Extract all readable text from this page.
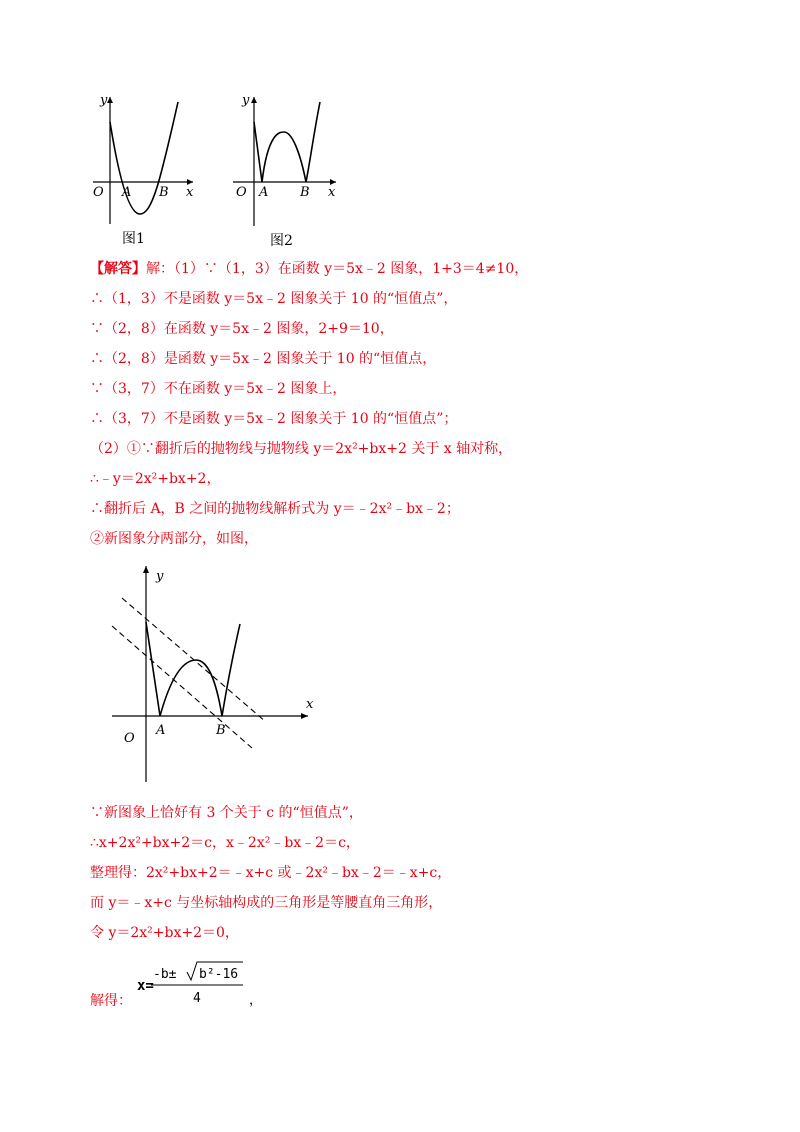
y
x
O A B
图1
y
x
O A B
图2
【解答】解：（1）∵（1，3）在函数 y＝5x﹣2 图象，1+3＝4≠10，
∴（1，3）不是函数 y＝5x﹣2 图象关于 10 的“恒值点”，
∵（2，8）在函数 y＝5x﹣2 图象，2+9＝10，
∴（2，8）是函数 y＝5x﹣2 图象关于 10 的“恒值点，
∵（3，7）不在函数 y＝5x﹣2 图象上，
∴（3，7）不是函数 y＝5x﹣2 图象关于 10 的“恒值点”；
（2）①∵翻折后的抛物线与抛物线 y＝2x²+bx+2 关于 x 轴对称，
∴﹣y＝2x²+bx+2，
∴翻折后 A，B 之间的抛物线解析式为 y＝﹣2x²﹣bx﹣2；
②新图象分两部分，如图，
y
x
O
A	B
∵新图象上恰好有 3 个关于 c 的“恒值点”，
∴x+2x²+bx+2＝c，x﹣2x²﹣bx﹣2＝c，
整理得：2x²+bx+2＝﹣x+c 或﹣2x²﹣bx﹣2＝﹣x+c，
而 y＝﹣x+c 与坐标轴构成的三角形是等腰直角三角形，
令 y＝2x²+bx+2＝0，
解得：
x=
-b± b²-16
4	，
